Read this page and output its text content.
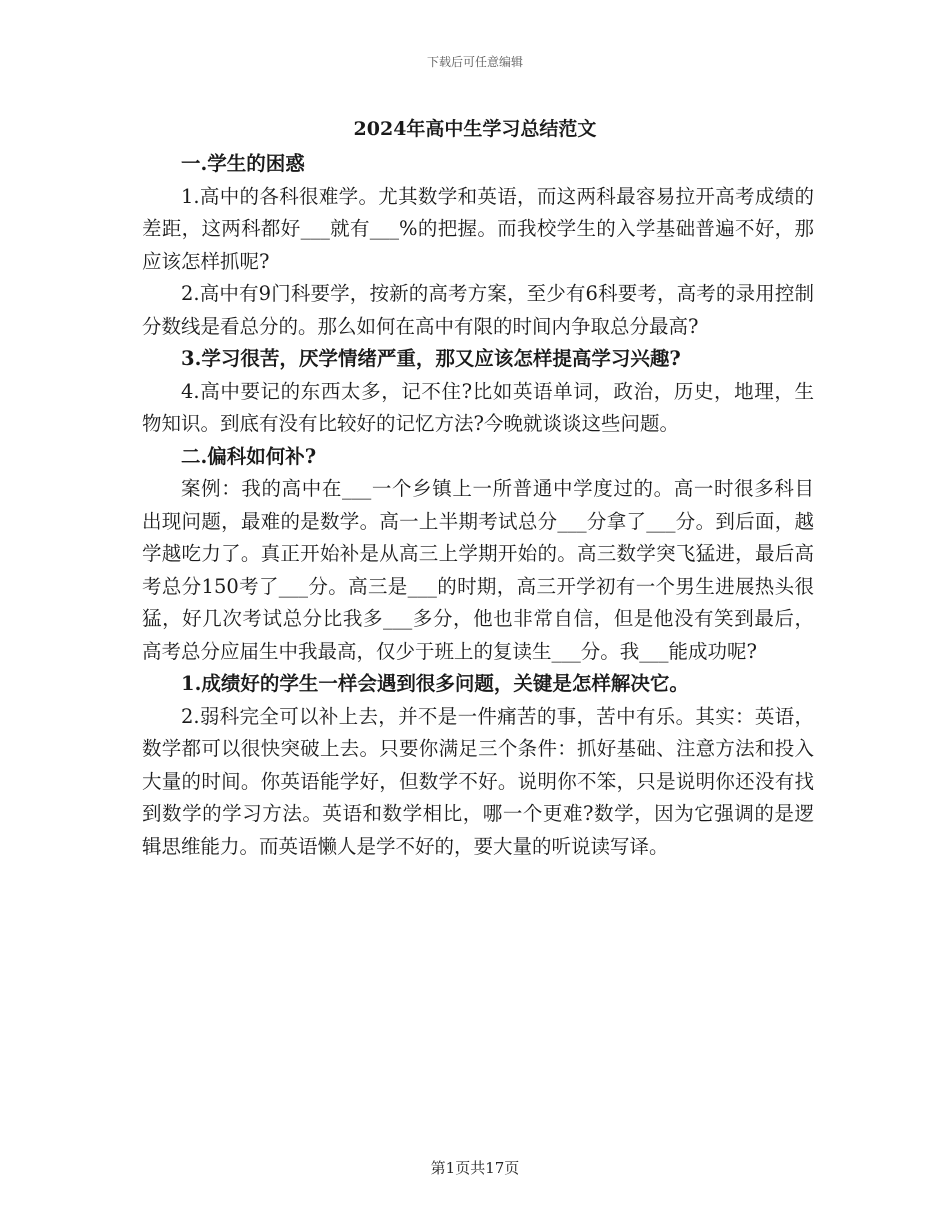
下载后可任意编辑
2024年高中生学习总结范文

一.学生的困惑

1.高中的各科很难学。尤其数学和英语，而这两科最容易拉开高考成绩的差距，这两科都好___就有___%的把握。而我校学生的入学基础普遍不好，那应该怎样抓呢?

2.高中有9门科要学，按新的高考方案，至少有6科要考，高考的录用控制分数线是看总分的。那么如何在高中有限的时间内争取总分最高?

3.学习很苦，厌学情绪严重，那又应该怎样提高学习兴趣?

4.高中要记的东西太多，记不住?比如英语单词，政治，历史，地理，生物知识。到底有没有比较好的记忆方法?今晚就谈谈这些问题。

二.偏科如何补?

案例：我的高中在___一个乡镇上一所普通中学度过的。高一时很多科目出现问题，最难的是数学。高一上半期考试总分___分拿了___分。到后面，越学越吃力了。真正开始补是从高三上学期开始的。高三数学突飞猛进，最后高考总分150考了___分。高三是___的时期，高三开学初有一个男生进展热头很猛，好几次考试总分比我多___多分，他也非常自信，但是他没有笑到最后，高考总分应届生中我最高，仅少于班上的复读生___分。我___能成功呢?

1.成绩好的学生一样会遇到很多问题，关键是怎样解决它。

2.弱科完全可以补上去，并不是一件痛苦的事，苦中有乐。其实：英语，数学都可以很快突破上去。只要你满足三个条件：抓好基础、注意方法和投入大量的时间。你英语能学好，但数学不好。说明你不笨，只是说明你还没有找到数学的学习方法。英语和数学相比，哪一个更难?数学，因为它强调的是逻辑思维能力。而英语懒人是学不好的，要大量的听说读写译。

第1页共17页
